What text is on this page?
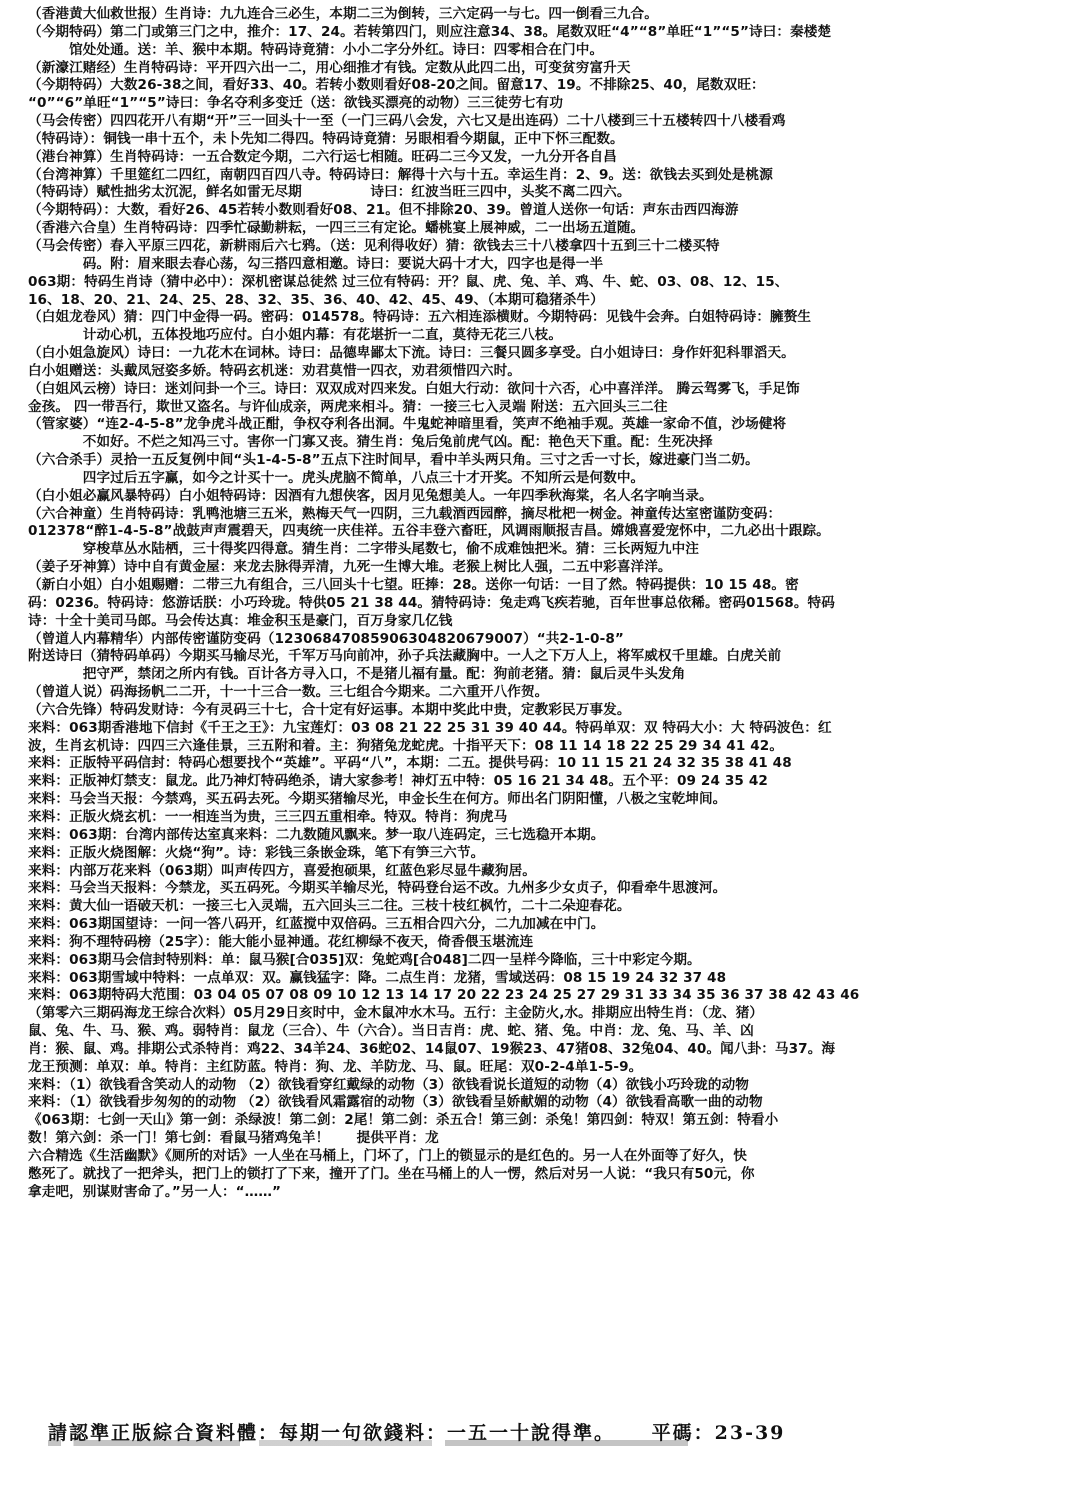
（香港黄大仙救世报）生肖诗：九九连合三必生，本期二三为倒转，三六定码一与七。四一倒看三九合。
（今期特码）第二门或第三门之中，推介：17、24。若转第四门，则应注意34、38。尾数双旺“4”“8”单旺“1”“5”诗曰：秦楼楚
　　　馆处处通。送：羊、猴中本期。特码诗竟猜：小小二字分外红。诗曰：四零相合在门中。
（新濠江赌经）生肖特码诗：平开四六出一二，用心细推才有钱。定数从此四二出，可变贫穷富升天
（今期特码）大数26-38之间，看好33、40。若转小数则看好08-20之间。留意17、19。不排除25、40，尾数双旺：
“0”“6”单旺“1”“5”诗曰：争名夺利多变迁（送：欲钱买漂亮的动物）三三徒劳七有功
（马会传密）四四花开八有期“开”三一回头十一至（一门三码八会发，六七又是出连码）二十八楼到三十五楼转四十八楼看鸡
（特码诗）：铜钱一串十五个，未卜先知二得四。特码诗竟猜：另眼相看今期鼠，正中下怀三配数。
（港台神算）生肖特码诗：一五合数定今期，二六行运七相随。旺码二三今又发，一九分开各自昌
（台湾神算）千里筵红二四红，南朝四百四八寺。特码诗曰：解得十六与十五。幸运生肖：2、9。送：欲钱去买到处是桃源
（特码诗）赋性拙劣太沉泥，鲜名如雷无尽期　　　　　诗曰：红波当旺三四中，头奖不离二四六。
（今期特码）：大数，看好26、45若转小数则看好08、21。但不排除20、39。曾道人送你一句话：声东击西四海游
（香港六合皇）生肖特码诗：四季忙碌勤耕耘，一四三三有定论。蟠桃宴上展神威，二一出场五道随。
（马会传密）春入平原三四花，新耕雨后六七鸦。（送：见利得收好）猜：欲钱去三十八楼拿四十五到三十二楼买特
　　　　码。附：眉来眼去春心荡，勾三搭四意相邀。诗曰：要说大码十才大，四字也是得一半
063期：特码生肖诗（猜中必中）：深机密谋总徒然 过三位有特码：开？鼠、虎、兔、羊、鸡、牛、蛇、03、08、12、15、
16、18、20、21、24、25、28、32、35、36、40、42、45、49、（本期可稳猪杀牛）
（白姐龙卷风）猜：四门中金得一码。密码：014578。特码诗：五六相连添横财。今期特码：见钱牛会奔。白姐特码诗：臃赘生
　　　　计动心机，五体投地巧应付。白小姐内幕：有花堪折一二直，莫待无花三八枝。
（白小姐急旋风）诗曰：一九花木在词林。诗曰：品德卑鄙太下流。诗曰：三餐只圆多享受。白小姐诗曰：身作奸犯科罪滔天。
白小姐赠送：头戴凤冠姿多娇。特码玄机迷：劝君莫惜一四衣，劝君须惜四六时。
（白姐风云榜）诗曰：迷刘问卦一个三。诗曰：双双成对四来发。白姐大行动：欲问十六否，心中喜洋洋。 腾云驾雾飞，手足饰
金孩。 四一带吾行，欺世又盗名。与许仙成亲，两虎来相斗。猜：一接三七入灵端 附送：五六回头三二往
（管家婆）“连2-4-5-8”龙争虎斗战正酣，争权夺利各出洞。牛鬼蛇神暗里看，笑声不绝袖手观。英雄一家命不值，沙场健将
　　　　不如好。不烂之知冯三寸。害你一门寡又丧。猜生肖：兔后兔前虎气凶。配：艳色天下重。配：生死决择
（六合杀手）灵拾一五反复例中间“头1-4-5-8”五点下注时间早，看中羊头两只角。三寸之舌一寸长，嫁进豪门当二奶。
　　　　四字过后五字赢，如今之计买十一。虎头虎脑不简单，八点三十才开奖。不知所云是何数中。
（白小姐必赢风暴特码）白小姐特码诗：因酒有九想侠客，因月见兔想美人。一年四季秋海棠，名人名字响当录。
（六合神童）生肖特码诗：乳鸭池塘三五米，熟梅天气一四阴，三九载酒西园醉，摘尽枇杷一树金。神童传达室密谨防变码：
012378“醉1-4-5-8”战鼓声声震碧天，四夷统一庆佳祥。五谷丰登六畜旺，风调雨顺报吉昌。嫦娥喜爱宠怀中，二九必出十跟踪。
　　　　穿梭草丛水陆栖，三十得奖四得意。猜生肖：二字带头尾数七，偷不成难蚀把米。猜：三长两短九中注
（姜子牙神算）诗中自有黄金屋：来龙去脉得弄清，九死一生博大堆。老猴上树比人强，二五中彩喜洋洋。
（新白小姐）白小姐赐赠：二带三九有组合，三八回头十七望。旺捧：28。送你一句话：一目了然。特码提供：10 15 48。密
码：0236。特码诗：悠游话朕：小巧玲珑。特供05 21 38 44。猜特码诗：兔走鸡飞疾若驰，百年世事总依稀。密码01568。特码
诗：十全十美司马郎。马会传达真：堆金积玉是豪门，百万身家几亿钱
（曾道人内幕精华）内部传密谨防变码（12306847085906304820679007）“共2-1-0-8”
附送诗曰（猜特码单码）今期买马输尽光，千军万马向前冲，孙子兵法藏胸中。一人之下万人上，将军威权千里雄。白虎关前
　　　　把守严，禁闭之所内有钱。百计各方寻入口，不是猪儿福有量。配：狗前老猪。猜：鼠后灵牛头发角
（曾道人说）码海扬帆二二开，十一十三合一数。三七组合今期来。二六重开八作贺。
（六合先锋）特码发财诗：今有灵码三十七，合十定有好运事。本期中奖此中贵，定教彩民万事发。
来料：063期香港地下信封《千王之王》：九宝莲灯：03 08 21 22 25 31 39 40 44。特码单双：双 特码大小：大 特码波色：红
波，生肖玄机诗：四四三六逢佳景，三五附和着。主：狗猪兔龙蛇虎。十指平天下：08 11 14 18 22 25 29 34 41 42。
来料：正版特平码信封：特码心想要找个“英雄”。平码“八”，本期：二五。提供号码：10 11 15 21 24 32 35 38 41 48
来料：正版神灯禁支：鼠龙。此乃神灯特码绝杀，请大家参考！神灯五中特：05 16 21 34 48。五个平：09 24 35 42
来料：马会当天报：今禁鸡，买五码去死。今期买猪输尽光，申金长生在何方。师出名门阴阳懂，八极之宝乾坤间。
来料：正版火烧玄机：一一相连当为贵，三三四五重相牵。特双。特肖：狗虎马
来料：063期：台湾内部传达室真来料：二九数随风飘来。梦一取八连码定，三七选稳开本期。
来料：正版火烧图解：火烧“狗”。诗：彩钱三条嵌金珠，笔下有笋三六节。
来料：内部万花来料（063期）叫声传四方，喜爱抱硕果，红蓝色彩尽显牛藏狗居。
来料：马会当天报料：今禁龙，买五码死。今期买羊输尽光，特码登台运不改。九州多少女贞子，仰看牵牛思渡河。
来料：黄大仙一语破天机：一接三七入灵端，五六回头三二往。三枝十枝红枫竹，二十二朵迎春花。
来料：063期国望诗：一问一答八码开，红蓝搅中双倍码。三五相合四六分，二九加减在中门。
来料：狗不理特码榜（25字）：能大能小显神通。花红柳绿不夜天，倚香偎玉堪流连
来料：063期马会信封特别料：单：鼠马猴[合035]双：兔蛇鸡[合048]二四一呈样今降临，三十中彩定今期。
来料：063期雪域中特料：一点单双：双。赢钱猛字：降。二点生肖：龙猪，雪域送码：08 15 19 24 32 37 48
来料：063期特码大范围：03 04 05 07 08 09 10 12 13 14 17 20 22 23 24 25 27 29 31 33 34 35 36 37 38 42 43 46
（第零六三期码海龙王综合次料）05月29日亥时中，金木鼠冲水木马。五行：主金防火,水。排期应出特生肖：（龙、猪）
鼠、兔、牛、马、猴、鸡。弱特肖：鼠龙（三合）、牛（六合）。当日吉肖：虎、蛇、猪、兔。中肖：龙、兔、马、羊、凶
肖：猴、鼠、鸡。排期公式杀特肖：鸡22、34羊24、36蛇02、14鼠07、19猴23、47猪08、32兔04、40。闻八卦：马37。海
龙王预测：单双：单。特肖：主红防蓝。特肖：狗、龙、羊防龙、马、鼠。旺尾：双0-2-4单1-5-9。
来料：（1）欲钱看含笑动人的动物 （2）欲钱看穿红戴绿的动物（3）欲钱看说长道短的动物（4）欲钱小巧玲珑的动物
来料：（1）欲钱看步匆匆的的动物 （2）欲钱看风霜露宿的动物（3）欲钱看呈娇献媚的动物（4）欲钱看高歌一曲的动物
《063期：七剑一天山》第一剑：杀绿波！第二剑：2尾！第二剑：杀五合！第三剑：杀兔！第四剑：特双！第五剑：特看小
数！第六剑：杀一门！第七剑：看鼠马猪鸡兔羊！　　提供平肖：龙
六合精选《生活幽默》《厕所的对话》一人坐在马桶上，门坏了，门上的锁显示的是红色的。另一人在外面等了好久，快
憋死了。就找了一把斧头，把门上的锁打了下来，撞开了门。坐在马桶上的人一愣，然后对另一人说：“我只有50元，你
拿走吧，别谋财害命了。”另一人：“……”
請認準正版綜合資料體：每期一句欲錢料：一五一十說得準。 平碼：23-39
